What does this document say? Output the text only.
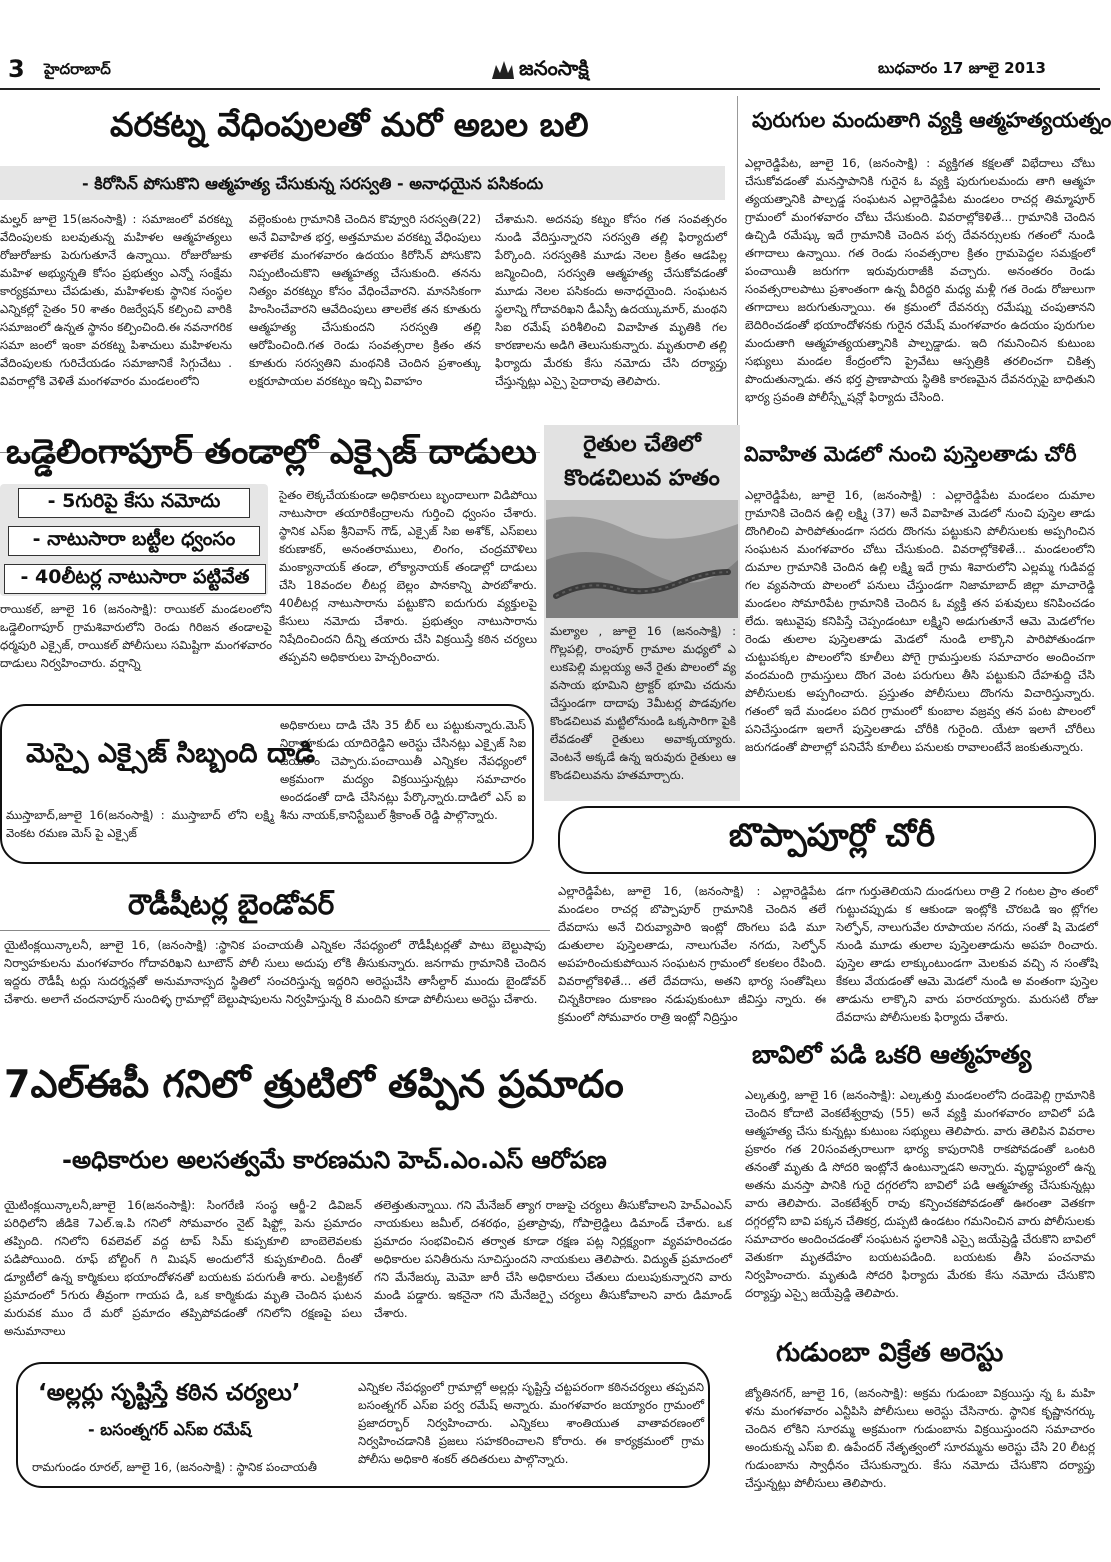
3 హైదరాబాద్	జనంసాక్షి	బుధవారం 17 జూలై 2013
వరకట్న వేధింపులతో మరో అబల బలి
- కిరోసిన్ పోసుకొని ఆత్మహత్య చేసుకున్న సరస్వతి - అనాధయైన పసికందు
మల్హర్ జూలై 15(జనంసాక్షి) : సమాజంలో వరకట్న వేదింపులకు బలవుతున్న మహిళల ఆత్మహత్యలు రోజురోజుకు పెరుగుతూనే ఉన్నాయి. రోజురోజుకు మహిళ అభ్యున్నతి కోసం ప్రభుత్వం ఎన్నో సంక్షేమ కార్యక్రమాలు చేపడుతు, మహిళలకు స్థానిక సంస్థల ఎన్నికల్లో సైతం 50 శాతం రిజర్వేషన్ కల్పించి వారికి సమాజంలో ఉన్నత స్థానం కల్పించింది.ఈ నవనాగరిక సమా జంలో ఇంకా వరకట్న పిశాచులు మహిళలను వేదింపులకు గురిచేయడం సమాజానికే సిగ్గుచేటు . వివరాల్లోకి వెళితే మంగళవారం మండలంలోని
వల్లెంకుంట గ్రామానికి చెందిన కొవ్వూరి సరస్వతి(22) అనే వివాహిత భర్త, అత్తమామల వరకట్న వేధింపులు తాళలేక మంగళవారం ఉదయం కిరోసిన్ పోసుకొని నిప్పంటించుకొని ఆత్మహత్య చేసుకుంది. తనను నిత్యం వరకట్నం కోసం వేధించేవారని. మానసికంగా హింసించేవారని ఆవేదింపులు తాలలేక తన కూతురు ఆత్మహత్య చేసుకుందని సరస్వతి తల్లి ఆరోపించింది.గత రెండు సంవత్సరాల క్రితం తన కూతురు సరస్వతిని మంథనికి చెందిన ప్రశాంత్కు లక్షరూపాయల వరకట్నం ఇచ్చి వివాహం
చేశామని. అదనపు కట్నం కోసం గత సంవత్సరం నుండి వేదిస్తున్నారని సరస్వతి తల్లి ఫిర్యాదులో పేర్కొంది. సరస్వతికి మూడు నెలల క్రితం ఆడపిల్ల జన్మించింది, సరస్వతి ఆత్మహత్య చేసుకోవడంతో మూడు నెలల పసికందు అనాధయైంది. సంఘటన స్థలాన్ని గోదావరిఖని డీఎస్పీ ఉదయ్కుమార్, మంథని సిఐ రమేష్ పరిశీలించి వివాహిత మృతికి గల కారణాలను అడిగి తెలుసుకున్నారు. మృతురాలి తల్లి ఫిర్యాదు మేరకు కేసు నమోదు చేసి దర్యాప్తు చేస్తున్నట్లు ఎస్సై సైదారావు తెలిపారు.
పురుగుల మందుతాగి వ్యక్తి ఆత్మహత్యయత్నం
ఎల్లారెడ్డిపేట, జూలై 16, (జనంసాక్షి) : వ్యక్తిగత కక్షలతో విభేదాలు చోటు చేసుకోవడంతో మనస్తాపానికి గురైన ఓ వ్యక్తి పురుగులమందు తాగి ఆత్మహ త్యయత్నానికి పాల్పడ్డ సంఘటన ఎల్లారెడ్డిపేట మండలం రాచర్ల తిమ్మాపూర్ గ్రామంలో మంగళవారం చోటు చేసుకుంది. వివరాల్లోకెళితే... గ్రామానికి చెందిన ఉచ్చిడి రమేష్కు ఇదే గ్రామానికి చెందిన పర్స దేవనర్సులకు గతంలో నుండి తగాదాలు ఉన్నాయి. గత రెండు సంవత్సరాల క్రితం గ్రామపెద్దల సమక్షంలో పంచాయితీ జరుగగా ఇరువురురాజీకి వచ్చారు. అనంతరం రెండు సంవత్సరాలపాటు ప్రశాంతంగా ఉన్న వీరిద్దరి మధ్య మళ్లీ గత రెండు రోజులుగా తగాదాలు జరుగుతున్నాయి. ఈ క్రమంలో దేవనర్సు రమేష్ను చంపుతానని బెదిరించడంతో భయాందోళనకు గురైన రమేష్ మంగళవారం ఉదయం పురుగుల మందుతాగి ఆత్మహత్యయత్నానికి పాల్పడ్డాడు. ఇది గమనించిన కుటుంబ సభ్యులు మండల కేంద్రంలోని ప్రైవేటు ఆస్పత్రికి తరలించగా చికిత్స పొందుతున్నాడు. తన భర్త ప్రాణాపాయ స్థితికి కారణమైన దేవనర్సుపై బాధితుని భార్య స్రవంతి పోలీస్స్టేషన్లో ఫిర్యాదు చేసింది.
ఒడ్డెలింగాపూర్ తండాల్లో ఎక్సైజ్ దాడులు
- 5గురిపై కేసు నమోదు
- నాటుసారా బట్టీల ధ్వంసం
- 40లీటర్ల నాటుసారా పట్టివేత
రాయికల్, జూలై 16 (జనంసాక్షి): రాయికల్ మండలంలోని ఒడ్డెలింగాపూర్ గ్రామశివారులోని రెండు గిరిజన తండాలపై ధర్మపురి ఎక్సైజ్, రాయికల్ పోలీసులు సమిష్టిగా మంగళవారం దాడులు నిర్వహించారు. వర్షాన్ని
సైతం లెక్కచేయకుండా అధికారులు బృందాలుగా విడిపోయి నాటుసారా తయారికేంద్రాలను గుర్తించి ధ్వంసం చేశారు. స్థానిక ఎస్ఐ శ్రీనివాస్ గౌడ్, ఎక్సైజ్ సిఐ అశోక్, ఎస్ఐలు కరుణాకర్, అనంతరాములు, లింగం, చంద్రమౌళిలు మంక్యానాయక్ తండా, లోక్యానాయక్ తండాల్లో దాడులు చేసి 18వందల లీటర్ల బెల్లం పానకాన్ని పారబోశారు. 40లీటర్ల నాటుసారాను పట్టుకొని ఐదుగురు వ్యక్తులపై కేసులు నమోదు చేశారు. ప్రభుత్వం నాటుసారాను నిషేదించిందని దీన్ని తయారు చేసి విక్రయిస్తే కఠిన చర్యలు తప్పవని అధికారులు హెచ్చరించారు.
రైతుల చేతిలో కొండచిలువ హతం
మల్యాల , జూలై 16 (జనంసాక్షి) : గొల్లపల్లి, రాంపూర్ గ్రామాల మధ్యలో ఎ లుకపెల్లి మల్లయ్య అనే రైతు పొలంలో వ్య వసాయ భూమిని ట్రాక్టర్ భూమి చదును చేస్తుండగా దాదాపు 3మీటర్ల పొడవుగల కొండచిలువ మట్టిలోనుండి ఒక్కసారిగా పైకి లేవడంతో రైతులు అవాక్కయ్యారు. వెంటనే అక్కడే ఉన్న ఇరువురు రైతులు ఆ కొండచిలువను హతమార్చారు.
వివాహిత మెడలో నుంచి పుస్తెలతాడు చోరీ
ఎల్లారెడ్డిపేట, జూలై 16, (జనంసాక్షి) : ఎల్లారెడ్డిపేట మండలం దుమాల గ్రామానికి చెందిన ఉల్లి లక్ష్మి (37) అనే వివాహిత మెడలో నుంచి పుస్తెల తాడు దొంగిలించి పారిపోతుండగా సదరు దొంగను పట్టుకుని పోలీసులకు అప్పగించిన సంఘటన మంగళవారం చోటు చేసుకుంది. వివరాల్లోకెళితే... మండలంలోని దుమాల గ్రామానికి చెందిన ఉల్లి లక్ష్మి ఇదే గ్రామ శివారులోని ఎల్లమ్మ గుడివద్ద గల వ్యవసాయ పొలంలో పనులు చేస్తుండగా నిజామాబాద్ జిల్లా మాచారెడ్డి మండలం సోమారిపేట గ్రామానికి చెందిన ఓ వ్యక్తి తన పశువులు కనిపించడం లేదు. ఇటువైపు కనిపిస్తే చెప్పండంటూ లక్ష్మిని అడుగుతూనే ఆమె మెడలోగల రెండు తులాల పుస్తెలతాడు మెడలో నుండి లాక్కొని పారిపోతుండగా చుట్టుపక్కల పొలంలోని కూలీలు పోగై గ్రామస్తులకు సమాచారం అందించగా వందమంది గ్రామస్తులు దొంగ వెంట పరుగులు తీసి పట్టుకుని దేహశుద్ది చేసి పోలీసులకు అప్పగించారు. ప్రస్తుతం పోలీసులు దొంగను విచారిస్తున్నారు. గతంలో ఇదే మండలం పదిర గ్రామంలో కుంబాల వజ్రవ్వ తన పంట పొలంలో పనిచేస్తుండగా ఇలాగే పుస్తెలతాడు చోరీకి గురైంది. యేటా ఇలాగే చోరీలు జరుగడంతో పొలాల్లో పనిచేసే కూలీలు పనులకు రావాలంటేనే జంకుతున్నారు.
మెస్పై ఎక్సైజ్ సిబ్బంది దాడి
ముస్తాబాద్,జూలై 16(జనంసాక్షి) : ముస్తాబాద్ లోని లక్ష్మి వెంకట రమణ మెస్ పై ఎక్సైజ్
అధికారులు దాడి చేసి 35 బీర్ లు పట్టుకున్నారు.మెస్ నిర్వాహకుడు యాదిరెడ్డిని అరెస్టు చేసినట్లు ఎక్సైజ్ సిఐ జయరాం చెప్పారు.పంచాయితీ ఎన్నికల నేపధ్యంలో అక్రమంగా మద్యం విక్రయిస్తున్నట్లు సమాచారం అందడంతో దాడి చేసినట్లు పేర్కొన్నారు.దాడిలో ఎస్ ఐ శీను నాయక్,కానిస్టేబుల్ శ్రీకాంత్ రెడ్డి పాల్గొన్నారు.
బొప్పాపూర్లో చోరీ
ఎల్లారెడ్డిపేట, జూలై 16, (జనంసాక్షి) : ఎల్లారెడ్డిపేట మండలం రాచర్ల బొప్పాపూర్ గ్రామానికి చెందిన తలే దేవదాసు అనే చిరువ్యాపారి ఇంట్లో దొంగలు పడి మూ డుతులాల పుస్తెలతాడు, నాలుగువేల నగదు, సెల్ఫోన్ అపహరించుకుపోయిన సంఘటన గ్రామంలో కలకలం రేపింది. వివరాల్లోకెళితే... తలే దేవదాసు, అతని భార్య సంతోషిలు చిన్నకిరాణం దుకాణం నడుపుకుంటూ జీవిస్తు న్నారు. ఈ క్రమంలో సోమవారం రాత్రి ఇంట్లో నిద్రిస్తుం
డగా గుర్తుతెలియని దుండగులు రాత్రి 2 గంటల ప్రాం తంలో గుట్టుచప్పుడు క ఆకుండా ఇంట్లోకి చొరబడి ఇం ట్లోగల సెల్ఫోన్, నాలుగువేల రూపాయల నగదు, సంతో షి మెడలో నుండి మూడు తులాల పుస్తెలతాడును అపహ రించారు. పుస్తెల తాడు లాక్కుంటుండగా మెలకువ వచ్చి న సంతోషి కేకలు వేయడంతో ఆమె మెడలో నుండి అ వంతంగా పుస్తెల తాడును లాక్కొని వారు పరారయ్యారు. మరుసటి రోజు దేవదాసు పోలీసులకు ఫిర్యాదు చేశారు.
రౌడీషీటర్ల బైండోవర్
యైటింక్లయిన్కాలనీ, జూలై 16, (జనంసాక్షి) :స్థానిక పంచాయతీ ఎన్నికల నేపధ్యంలో రౌడీషీటర్లతో పాటు బెల్టుషాపు నిర్వాహకులను మంగళవారం గోదావరిఖని టూటౌన్ పోలీ సులు అదుపు లోకి తీసుకున్నారు. జనగామ గ్రామానికి చెందిన ఇద్దరు రౌడీషీ టర్లు సుదర్శన్లతో అనుమానాస్పద స్థితిలో సంచరిస్తున్న ఇద్దరిని అరెస్టుచేసి తాసీల్దార్ ముందు బైండోవర్ చేశారు. అలాగే చందనాపూర్ సుందిళ్ళ గ్రామాల్లో బెల్టుషాపులను నిర్వహిస్తున్న 8 మందిని కూడా పోలీసులు అరెస్టు చేశారు.
7ఎల్ఈపీ గనిలో త్రుటిలో తప్పిన ప్రమాదం
-అధికారుల అలసత్వమే కారణమని హెచ్.ఎం.ఎస్ ఆరోపణ
యైటింక్లయిన్కాలనీ,జూలై 16(జనంసాక్షి): సింగరేణి సంస్థ ఆర్జీ-2 డివిజన్ పరిధిలోని జీడికె 7ఎల్.ఇ.పి గనిలో సోమవారం నైట్ షిఫ్ట్లో పెను ప్రమాదం తప్పింది. గనిలోని 6వలెవల్ వద్ద టాప్ సిమ్ కుప్పకూలి బాంబెలెవలకు పడిపోయింది. రూఫ్ బోల్టింగ్ గి మిషన్ అందులోనే కుప్పకూలింది. దీంతో డ్యూటీలో ఉన్న కార్మికులు భయాందోళనతో బయటకు పరుగుతీ శారు. ఎలక్ట్రికల్ ప్రమాదంలో 5గురు తీవ్రంగా గాయప డి, ఒక కార్మికుడు మృతి చెందిన ఘటన మరువక ముం దే మరో ప్రమాదం తప్పిపోవడంతో గనిలోని రక్షణపై పలు అనుమానాలు
తలెత్తుతున్నాయి. గని మేనేజర్ త్యాగ రాజుపై చర్యలు తీసుకోవాలని హెచ్ఎంఎస్ నాయకులు జమీల్, దశరథం, ప్రతాప్రావు, గోపాల్రెడ్డిలు డిమాండ్ చేశారు. ఒక ప్రమాదం సంభవించిన తర్వాత కూడా రక్షణ పట్ల నిర్లక్ష్యంగా వ్యవహరించడం అధికారుల పనితీరును సూచిస్తుందని నాయకులు తెలిపారు. విద్యుత్ ప్రమాదంలో గని మేనేజర్కు మెమో జారీ చేసి అధికారులు చేతులు దులుపుకున్నారని వారు మండి పడ్డారు. ఇకనైనా గని మేనేజర్పై చర్యలు తీసుకోవాలని వారు డిమాండ్ చేశారు.
బావిలో పడి ఒకరి ఆత్మహత్య
ఎల్కతుర్తి, జూలై 16 (జనంసాక్షి): ఎల్కతుర్తి మండలంలోని దండెపెల్లి గ్రామానికి చెందిన కోదాటి వెంకటేశ్వర్రావు (55) అనే వ్యక్తి మంగళవారం బావిలో పడి ఆత్మహత్య చేసు కున్నట్లు కుటుంబ సభ్యులు తెలిపారు. వారు తెలిపిన వివరాల ప్రకారం గత 20సంవత్సరాలుగా భార్య కాపురానికి రాకపోవడంతో ఒంటరి తనంతో మృతు డి సోదరి ఇంట్లోనే ఉంటున్నాడని అన్నారు. వృద్ధాప్యంలో ఉన్న అతను మనస్తా పానికి గురై దగ్గరలోని బావిలో పడి ఆత్మహత్య చేసుకున్నట్లు వారు తెలిపారు. వెంకటేశ్వర్ రావు కన్పించకపోవడంతో ఊరంతా వెతకగా దగ్గరల్లోని బావి పక్కన చేతికర్ర, దుప్పటి ఉండటం గమనించిన వారు పోలీసులకు సమాచారం అందించడంతో సంఘటన స్థలానికి ఎస్సై జయేష్రెడ్డి చేరుకొని బావిలో వెతుకగా మృతదేహం బయటపడింది. బయటకు తీసి పంచనామ నిర్వహించారు. మృతుడి సోదరి ఫిర్యాదు మేరకు కేసు నమోదు చేసుకొని దర్యాప్తు ఎస్సై జయేష్రెడ్డి తెలిపారు.
‘అల్లర్లు సృష్టిస్తే కఠిన చర్యలు’
- బసంత్నగర్ ఎస్ఐ రమేష్
రామగుండం రూరల్, జూలై 16, (జనంసాక్షి) : స్థానిక పంచాయతీ
ఎన్నికల నేపధ్యంలో గ్రామాల్లో అల్లర్లు సృష్టిస్తే చట్టపరంగా కఠినచర్యలు తప్పవని బసంత్నగర్ ఎస్ఐ పర్వ రమేష్ అన్నారు. మంగళవారం జయ్యారం గ్రామంలో ప్రజాదర్బార్ నిర్వహించారు. ఎన్నికలు శాంతియుత వాతావరణంలో నిర్వహించడానికి ప్రజలు సహకరించాలని కోరారు. ఈ కార్యక్రమంలో గ్రామ పోలీసు అధికారి శంకర్ తదితరులు పాల్గొన్నారు.
గుడుంబా విక్రేత అరెస్టు
జ్యోతినగర్, జూలై 16, (జనంసాక్షి): అక్రమ గుడుంబా విక్రయిస్తు న్న ఓ మహి ళను మంగళవారం ఎన్టీపిసి పోలీసులు అరెస్టు చేసినారు. స్థానిక కృష్ణానగర్కు చెందిన లోకిని సూరమ్మ అక్రమంగా గుడుంబాను విక్రయిస్తుందని సమాచారం అందుకున్న ఎస్ఐ బి. ఉపేందర్ నేతృత్వంలో సూరమ్మను అరెస్టు చేసి 20 లీటర్ల గుడుంబాను స్వాధీనం చేసుకున్నారు. కేసు నమోదు చేసుకొని దర్యాప్తు చేస్తున్నట్లు పోలీసులు తెలిపారు.
